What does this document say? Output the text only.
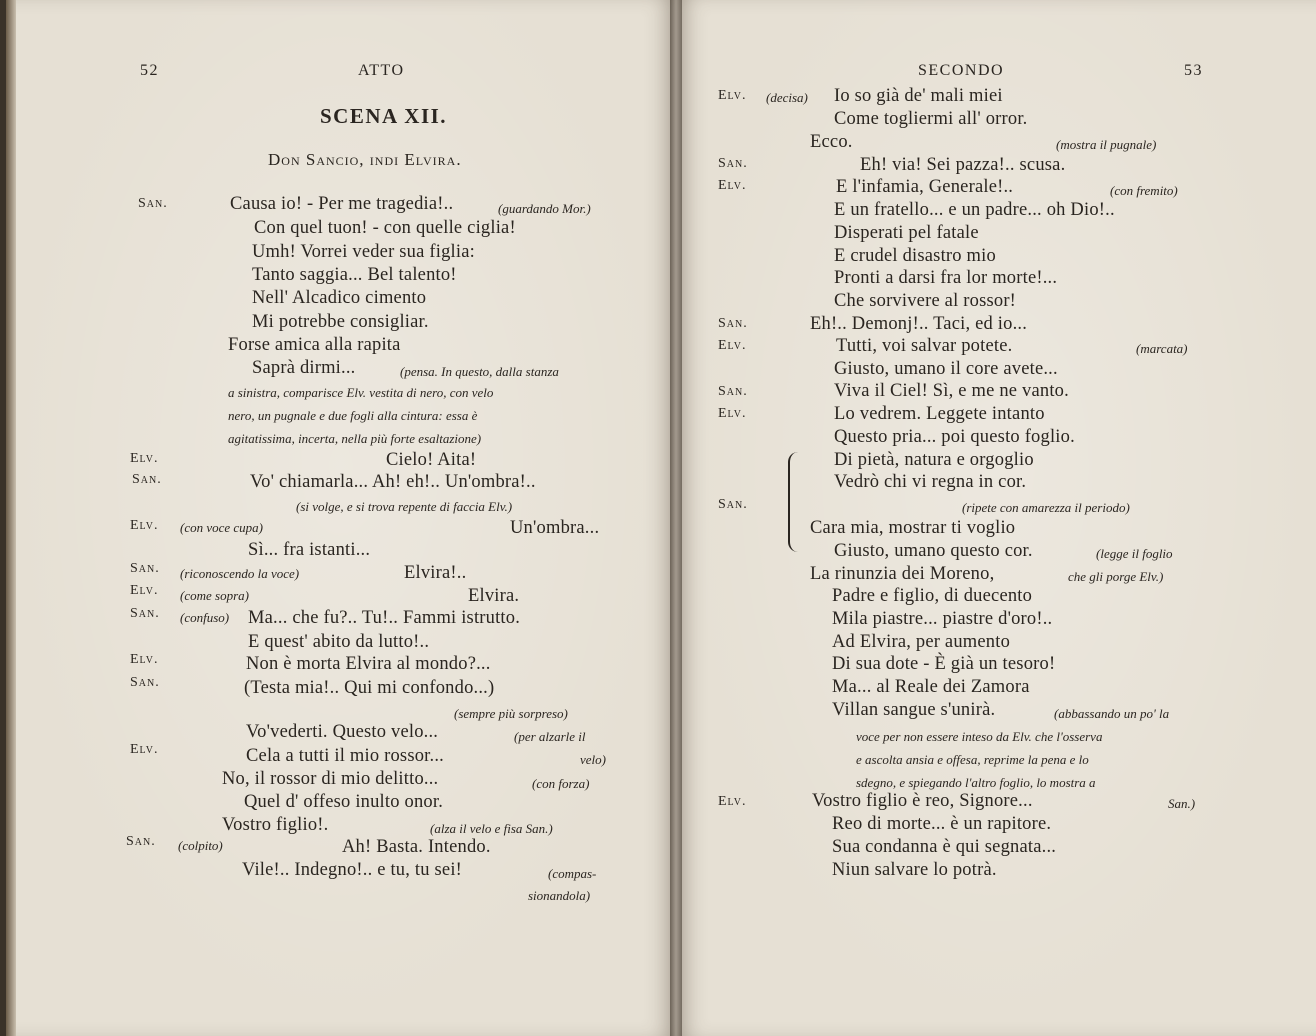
52	ATTO
SCENA XII.
Don Sancio, indi Elvira.
San.	Causa io! - Per me tragedia!..	(guardando Mor.)
Con quel tuon! - con quelle ciglia!
Umh! Vorrei veder sua figlia:
Tanto saggia... Bel talento!
Nell' Alcadico cimento
Mi potrebbe consigliar.
Forse amica alla rapita
Saprà dirmi...	(pensa. In questo, dalla stanza
a sinistra, comparisce Elv. vestita di nero, con velo
nero, un pugnale e due fogli alla cintura: essa è
agitatissima, incerta, nella più forte esaltazione)
Elv.	Cielo! Aita!
San.	Vo' chiamarla... Ah! eh!.. Un'ombra!..
(si volge, e si trova repente di faccia Elv.)
Elv. (con voce cupa)	Un'ombra...
Sì... fra istanti...
San. (riconoscendo la voce)	Elvira!..
Elv. (come sopra)	Elvira.
San. (confuso) Ma... che fu?.. Tu!.. Fammi istrutto.
E quest' abito da lutto!..
Elv.	Non è morta Elvira al mondo?...
San.	(Testa mia!.. Qui mi confondo...)
(sempre più sorpreso)
Vo'vederti. Questo velo...	(per alzarle il
Elv.	Cela a tutti il mio rossor...	velo)
No, il rossor di mio delitto...	(con forza)
Quel d' offeso inulto onor.
Vostro figlio!.	(alza il velo e fisa San.)
San. (colpito)	Ah! Basta. Intendo.
Vile!.. Indegno!.. e tu, tu sei!	(compas-
sionandola)
SECONDO	53
Elv. (decisa) Io so già de' mali miei
Come togliermi all' orror.
Ecco.	(mostra il pugnale)
San.	Eh! via! Sei pazza!.. scusa.
Elv.	E l'infamia, Generale!..	(con fremito)
E un fratello... e un padre... oh Dio!..
Disperati pel fatale
E crudel disastro mio
Pronti a darsi fra lor morte!...
Che sorvivere al rossor!
San.	Eh!.. Demonj!.. Taci, ed io...
Elv.	Tutti, voi salvar potete.	(marcata)
Giusto, umano il core avete...
San.	Viva il Ciel! Sì, e me ne vanto.
Elv.	Lo vedrem. Leggete intanto
Questo pria... poi questo foglio.
Di pietà, natura e orgoglio
Vedrò chi vi regna in cor.
San.	(ripete con amarezza il periodo)
Cara mia, mostrar ti voglio
Giusto, umano questo cor.	(legge il foglio
La rinunzia dei Moreno,	che gli porge Elv.)
Padre e figlio, di duecento
Mila piastre... piastre d'oro!..
Ad Elvira, per aumento
Di sua dote - È già un tesoro!
Ma... al Reale dei Zamora
Villan sangue s'unirà.	(abbassando un po' la
voce per non essere inteso da Elv. che l'osserva
e ascolta ansia e offesa, reprime la pena e lo
sdegno, e spiegando l'altro foglio, lo mostra a
Elv.	Vostro figlio è reo, Signore...	San.)
Reo di morte... è un rapitore.
Sua condanna è qui segnata...
Niun salvare lo potrà.
